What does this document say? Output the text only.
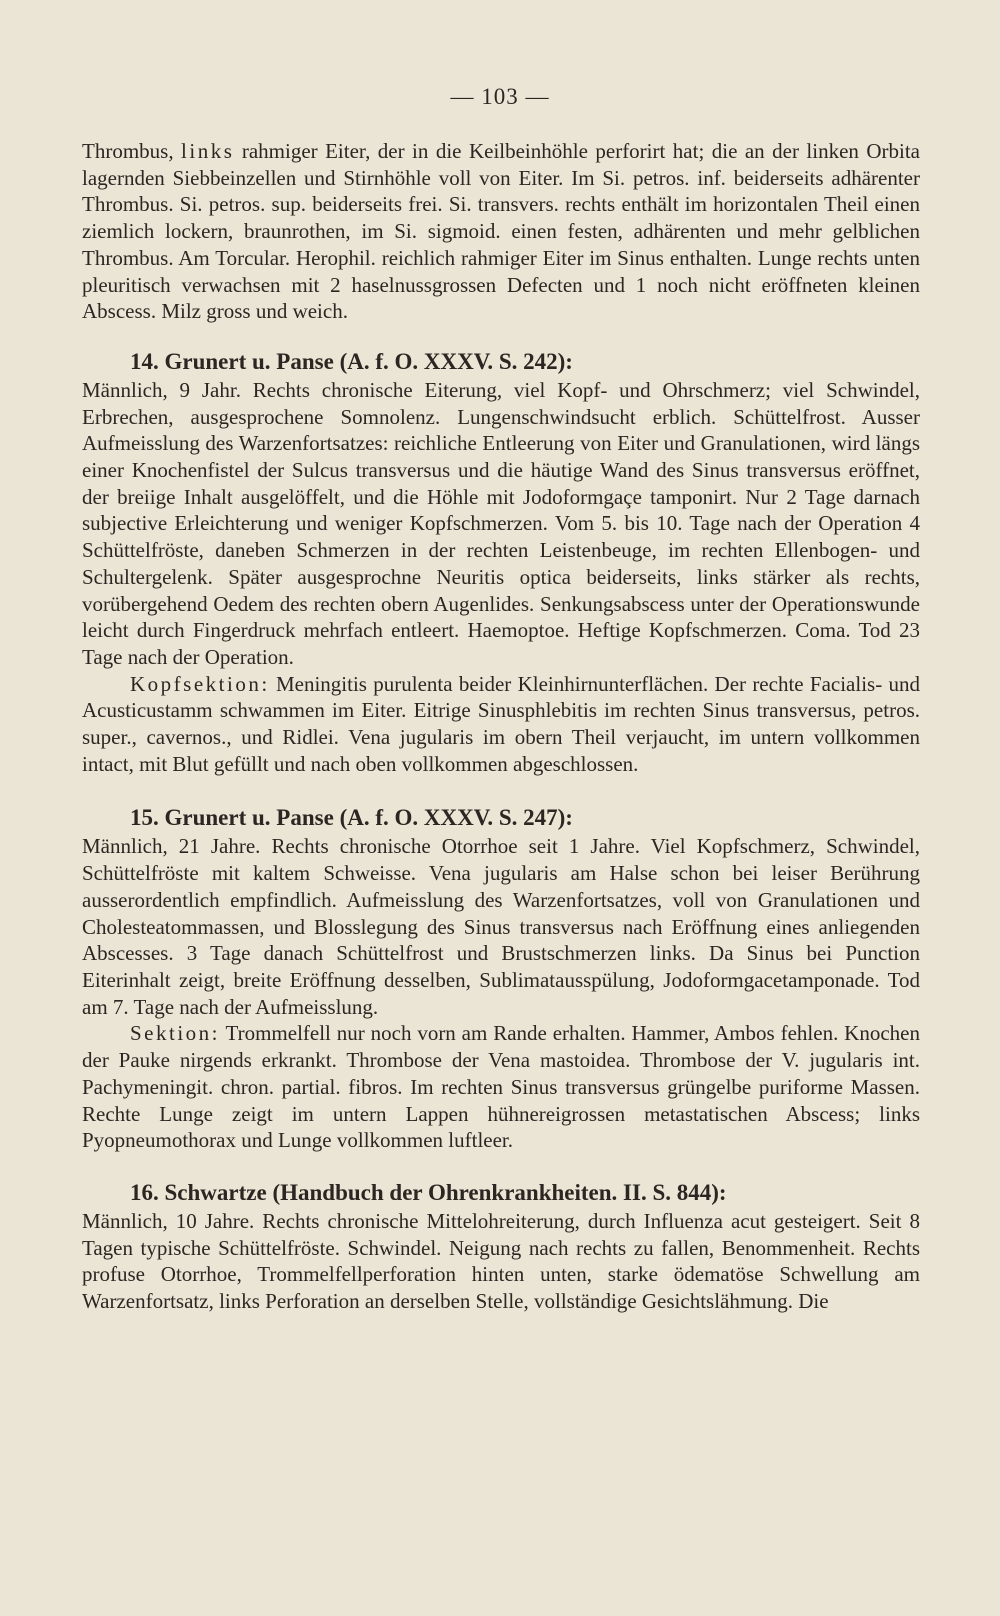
— 103 —

Thrombus, links rahmiger Eiter, der in die Keilbeinhöhle perforirt hat; die an der linken Orbita lagernden Siebbeinzellen und Stirnhöhle voll von Eiter. Im Si. petros. inf. beiderseits adhärenter Thrombus. Si. petros. sup. beiderseits frei. Si. transvers. rechts enthält im horizontalen Theil einen ziemlich lockern, braunrothen, im Si. sigmoid. einen festen, adhärenten und mehr gelblichen Thrombus. Am Torcular. Herophil. reichlich rahmiger Eiter im Sinus enthalten. Lunge rechts unten pleuritisch verwachsen mit 2 haselnussgrossen Defecten und 1 noch nicht eröffneten kleinen Abscess. Milz gross und weich.

14. Grunert u. Panse (A. f. O. XXXV. S. 242):

Männlich, 9 Jahr. Rechts chronische Eiterung, viel Kopf- und Ohrschmerz; viel Schwindel, Erbrechen, ausgesprochene Somnolenz. Lungenschwindsucht erblich. Schüttelfrost. Ausser Aufmeisslung des Warzenfortsatzes: reichliche Entleerung von Eiter und Granulationen, wird längs einer Knochenfistel der Sulcus transversus und die häutige Wand des Sinus transversus eröffnet, der breiige Inhalt ausgelöffelt, und die Höhle mit Jodoformgaçe tamponirt. Nur 2 Tage darnach subjective Erleichterung und weniger Kopfschmerzen. Vom 5. bis 10. Tage nach der Operation 4 Schüttelfröste, daneben Schmerzen in der rechten Leistenbeuge, im rechten Ellenbogen- und Schultergelenk. Später ausgesprochne Neuritis optica beiderseits, links stärker als rechts, vorübergehend Oedem des rechten obern Augenlides. Senkungsabscess unter der Operationswunde leicht durch Fingerdruck mehrfach entleert. Haemoptoe. Heftige Kopfschmerzen. Coma. Tod 23 Tage nach der Operation.

Kopfsektion: Meningitis purulenta beider Kleinhirnunterflächen. Der rechte Facialis- und Acusticustamm schwammen im Eiter. Eitrige Sinusphlebitis im rechten Sinus transversus, petros. super., cavernos., und Ridlei. Vena jugularis im obern Theil verjaucht, im untern vollkommen intact, mit Blut gefüllt und nach oben vollkommen abgeschlossen.

15. Grunert u. Panse (A. f. O. XXXV. S. 247):

Männlich, 21 Jahre. Rechts chronische Otorrhoe seit 1 Jahre. Viel Kopfschmerz, Schwindel, Schüttelfröste mit kaltem Schweisse. Vena jugularis am Halse schon bei leiser Berührung ausserordentlich empfindlich. Aufmeisslung des Warzenfortsatzes, voll von Granulationen und Cholesteatommassen, und Blosslegung des Sinus transversus nach Eröffnung eines anliegenden Abscesses. 3 Tage danach Schüttelfrost und Brustschmerzen links. Da Sinus bei Punction Eiterinhalt zeigt, breite Eröffnung desselben, Sublimatausspülung, Jodoformgacetamponade. Tod am 7. Tage nach der Aufmeisslung.

Sektion: Trommelfell nur noch vorn am Rande erhalten. Hammer, Ambos fehlen. Knochen der Pauke nirgends erkrankt. Thrombose der Vena mastoidea. Thrombose der V. jugularis int. Pachymeningit. chron. partial. fibros. Im rechten Sinus transversus grüngelbe puriforme Massen. Rechte Lunge zeigt im untern Lappen hühnereigrossen metastatischen Abscess; links Pyopneumothorax und Lunge vollkommen luftleer.

16. Schwartze (Handbuch der Ohrenkrankheiten. II. S. 844):

Männlich, 10 Jahre. Rechts chronische Mittelohreiterung, durch Influenza acut gesteigert. Seit 8 Tagen typische Schüttelfröste. Schwindel. Neigung nach rechts zu fallen, Benommenheit. Rechts profuse Otorrhoe, Trommelfellperforation hinten unten, starke ödematöse Schwellung am Warzenfortsatz, links Perforation an derselben Stelle, vollständige Gesichtslähmung. Die
